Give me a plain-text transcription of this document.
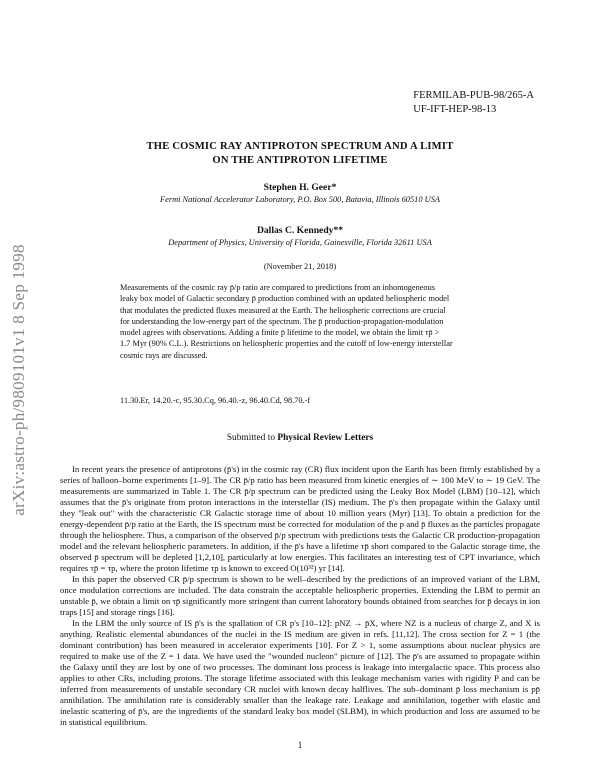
arXiv:astro-ph/9809101v1 8 Sep 1998
FERMILAB-PUB-98/265-A
UF-IFT-HEP-98-13
THE COSMIC RAY ANTIPROTON SPECTRUM AND A LIMIT
ON THE ANTIPROTON LIFETIME
Stephen H. Geer*
Fermi National Accelerator Laboratory, P.O. Box 500, Batavia, Illinois 60510 USA
Dallas C. Kennedy**
Department of Physics, University of Florida, Gainesville, Florida 32611 USA
(November 21, 2018)
Measurements of the cosmic ray p̄/p ratio are compared to predictions from an inhomogeneous
leaky box model of Galactic secondary p̄ production combined with an updated heliospheric model
that modulates the predicted fluxes measured at the Earth. The heliospheric corrections are crucial
for understanding the low-energy part of the spectrum. The p̄ production-propagation-modulation
model agrees with observations. Adding a finite p̄ lifetime to the model, we obtain the limit τp̄ >
1.7 Myr (90% C.L.). Restrictions on heliospheric properties and the cutoff of low-energy interstellar
cosmic rays are discussed.
11.30.Er, 14.20.-c, 95.30.Cq, 96.40.-z, 96.40.Cd, 98.70.-f
Submitted to Physical Review Letters

In recent years the presence of antiprotons (p̄'s) in the cosmic ray (CR) flux incident upon the Earth has been firmly established by a series of balloon–borne experiments [1–9]. The CR p̄/p ratio has been measured from kinetic energies of ∼ 100 MeV to ∼ 19 GeV. The measurements are summarized in Table 1. The CR p̄/p spectrum can be predicted using the Leaky Box Model (LBM) [10–12], which assumes that the p̄'s originate from proton interactions in the interstellar (IS) medium. The p̄'s then propagate within the Galaxy until they "leak out" with the characteristic CR Galactic storage time of about 10 million years (Myr) [13]. To obtain a prediction for the energy-dependent p̄/p ratio at the Earth, the IS spectrum must be corrected for modulation of the p and p̄ fluxes as the particles propagate through the heliosphere. Thus, a comparison of the observed p̄/p spectrum with predictions tests the Galactic CR production-propagation model and the relevant heliospheric parameters. In addition, if the p̄'s have a lifetime τp̄ short compared to the Galactic storage time, the observed p̄ spectrum will be depleted [1,2,10], particularly at low energies. This facilitates an interesting test of CPT invariance, which requires τp̄ = τp, where the proton lifetime τp is known to exceed O(10³²) yr [14].

In this paper the observed CR p̄/p spectrum is shown to be well–described by the predictions of an improved variant of the LBM, once modulation corrections are included. The data constrain the acceptable heliospheric properties. Extending the LBM to permit an unstable p̄, we obtain a limit on τp̄ significantly more stringent than current laboratory bounds obtained from searches for p̄ decays in ion traps [15] and storage rings [16].

In the LBM the only source of IS p̄'s is the spallation of CR p's [10–12]: pNZ → p̄X, where NZ is a nucleus of charge Z, and X is anything. Realistic elemental abundances of the nuclei in the IS medium are given in refs. [11,12]. The cross section for Z = 1 (the dominant contribution) has been measured in accelerator experiments [10]. For Z > 1, some assumptions about nuclear physics are required to make use of the Z = 1 data. We have used the "wounded nucleon" picture of [12]. The p̄'s are assumed to propagate within the Galaxy until they are lost by one of two processes. The dominant loss process is leakage into intergalactic space. This process also applies to other CRs, including protons. The storage lifetime associated with this leakage mechanism varies with rigidity P and can be inferred from measurements of unstable secondary CR nuclei with known decay halflives. The sub–dominant p̄ loss mechanism is pp̄ annihilation. The annihilation rate is considerably smaller than the leakage rate. Leakage and annihilation, together with elastic and inelastic scattering of p̄'s, are the ingredients of the standard leaky box model (SLBM), in which production and loss are assumed to be in statistical equilibrium.

1
